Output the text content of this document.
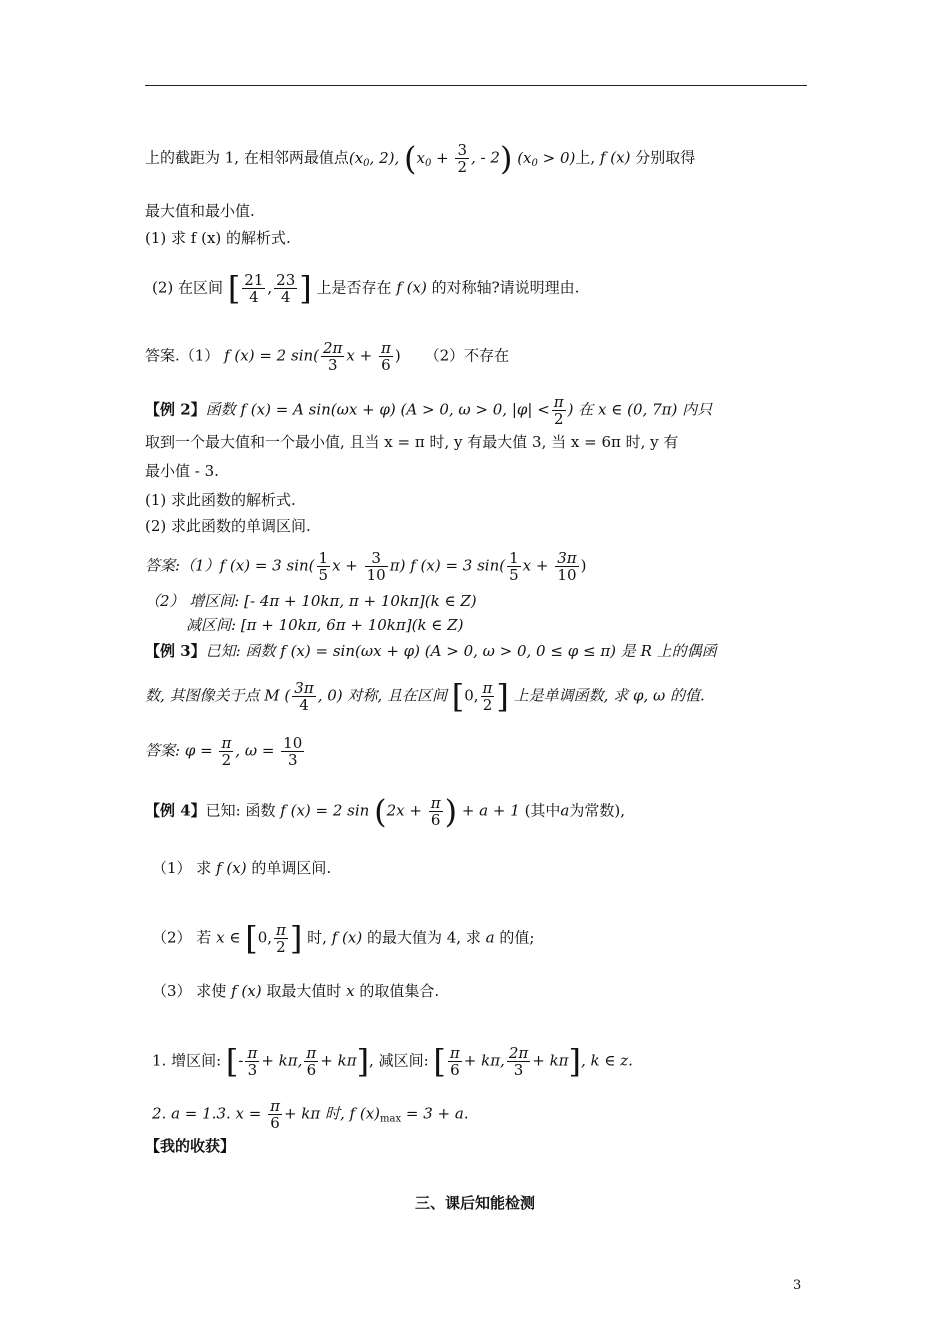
上的截距为 1, 在相邻两最值点($x_0$, 2), ($x_0 + \frac{3}{2}$ , - 2) $(x_0 > 0)$上, f (x) 分别取得
最大值和最小值.
(1) 求 f (x) 的解析式.
(2) 在区间 [ $\frac{21}{4}$ , $\frac{23}{4}$ ] 上是否存在 f (x) 的对称轴?请说明理由.
答案.（1） f (x) = 2 $\sin( \frac{2\pi}{3}$ $x + \frac{\pi}{6}$ ) （2）不存在
【例 2】函数 f (x) = A sin(ωx + φ) (A > 0, ω > 0, $|\varphi| < \frac{\pi}{2}$ ) 在 x ∈ (0, 7π) 内只
取到一个最大值和一个最小值, 且当 x = π 时, y 有最大值 3, 当 x = 6π 时, y 有
最小值 - 3.
(1) 求此函数的解析式.
(2) 求此函数的单调区间.
答案:（1）f (x) = 3 $\sin( \frac{1}{5}$ $x + \frac{3}{10} \pi$) f (x) = 3 $\sin( \frac{1}{5}$ $x + \frac{3\pi}{10}$ )
（2） 增区间: [- 4π + 10kπ, π + 10kπ](k ∈ Z)
减区间: [π + 10kπ, 6π + 10kπ](k ∈ Z)
【例 3】已知: 函数 f (x) = sin(ωx + φ) (A > 0, ω > 0, 0 ≤ φ ≤ π) 是 R 上的偶函
数, 其图像关于点 M ( $\frac{3\pi}{4}$ , 0) 对称, 且在区间 [0, $\frac{\pi}{2}$ ] 上是单调函数, 求 φ, ω 的值.
答案: $\varphi = \frac{\pi}{2}$ , $\omega = \frac{10}{3}$
【例 4】已知: 函数 f (x) = 2 $\sin (2x + \frac{\pi}{6}$ ) + a + 1 (其中a为常数),
（1） 求 f (x) 的单调区间.
（2） 若 x ∈ [0, $\frac{\pi}{2}$ ] 时, f (x) 的最大值为 4, 求 a 的值;
（3） 求使 f (x) 取最大值时 x 的取值集合.
1. 增区间: [- $\frac{\pi}{3} + k\pi$, $\frac{\pi}{6} + k\pi$], 减区间: [ $\frac{\pi}{6} + k\pi$, $\frac{2\pi}{3} + k\pi$], k ∈ z.
2. a = 1.3. $x = \frac{\pi}{6} + k\pi$ 时, f $(x)_{max} = 3 + a$.
【我的收获】
三、课后知能检测
3
